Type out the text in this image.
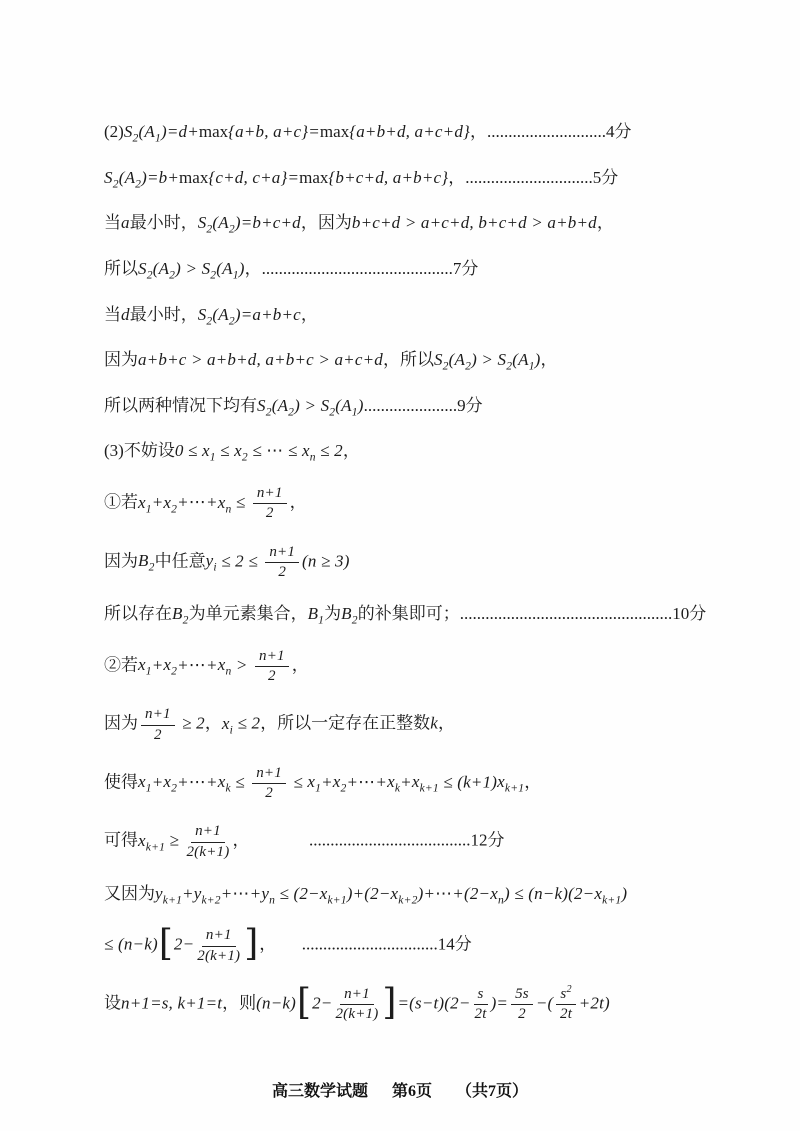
$(2)S_2(A_1)=d+\max\{a+b$, a+c}=max{a+b+d, a+c+d}，............................4分
$S_2(A_2)=b+\max\{c+d$, c+a}=max{b+c+d, a+b+c}，..............................5分
当a最小时，$S_2(A_2)=b+c+d$，因为b+c+d > a+c+d, b+c+d > a+b+d，
所以$S_2(A_2) > S_2(A_1)$，.............................................7分
当d最小时，$S_2(A_2)=a+b+c$，
因为a+b+c > a+b+d, a+b+c > a+c+d，所以$S_2(A_2) > S_2(A_1)$，
所以两种情况下均有$S_2(A_2) > S_2(A_1)......................9$分
(3)不妨设$0 \le x_1 \le x_2$ ≤ ⋯ ≤ $x_n \le 2$，
①若$x_1+x_2+\cdots+x_n \le \frac{n+1}{2}$ ，
因为$B_2$中任意$y_i \le 2 \le \frac{n+1}{2} (n \ge 3)$
所以存在$B_2$为单元素集合，$B_1$为$B_2$的补集即可；..................................................10分
②若$x_1+x_2+\cdots+x_n > \frac{n+1}{2}$ ，
因为 $\frac{n+1}{2} \ge 2$，$x_i \le 2$，所以一定存在正整数k，
使得$x_1+x_2+\cdots+x_k \le \frac{n+1}{2}$ ≤ $x_1+x_2+\cdots+x_k+x_{k+1} \le (k+1)x_{k+1}$，
可得$x_{k+1} \ge \frac{n+1}{2(k+1)}$ ，　　　　......................................12分
又因为$y_{k+1}+y_{k+2}+\cdots+y_n$ ≤ $(2-x_{k+1})+(2-x_{k+2})+\cdots+(2-x_n) \le (n-k)(2-x_{k+1})$
≤ $(n-k)[2- \frac{n+1}{2(k+1)}$ ]，　　................................14分
设n+1=s, k+1=t，则$(n-k)[2- \frac{n+1}{2(k+1)} ]=(s-t)(2- \frac{s}{2t}$ )= $\frac{5s}{2}$ −( $\frac{s^2}{2t} +2t$)
高三数学试题 第6页 （共7页）
